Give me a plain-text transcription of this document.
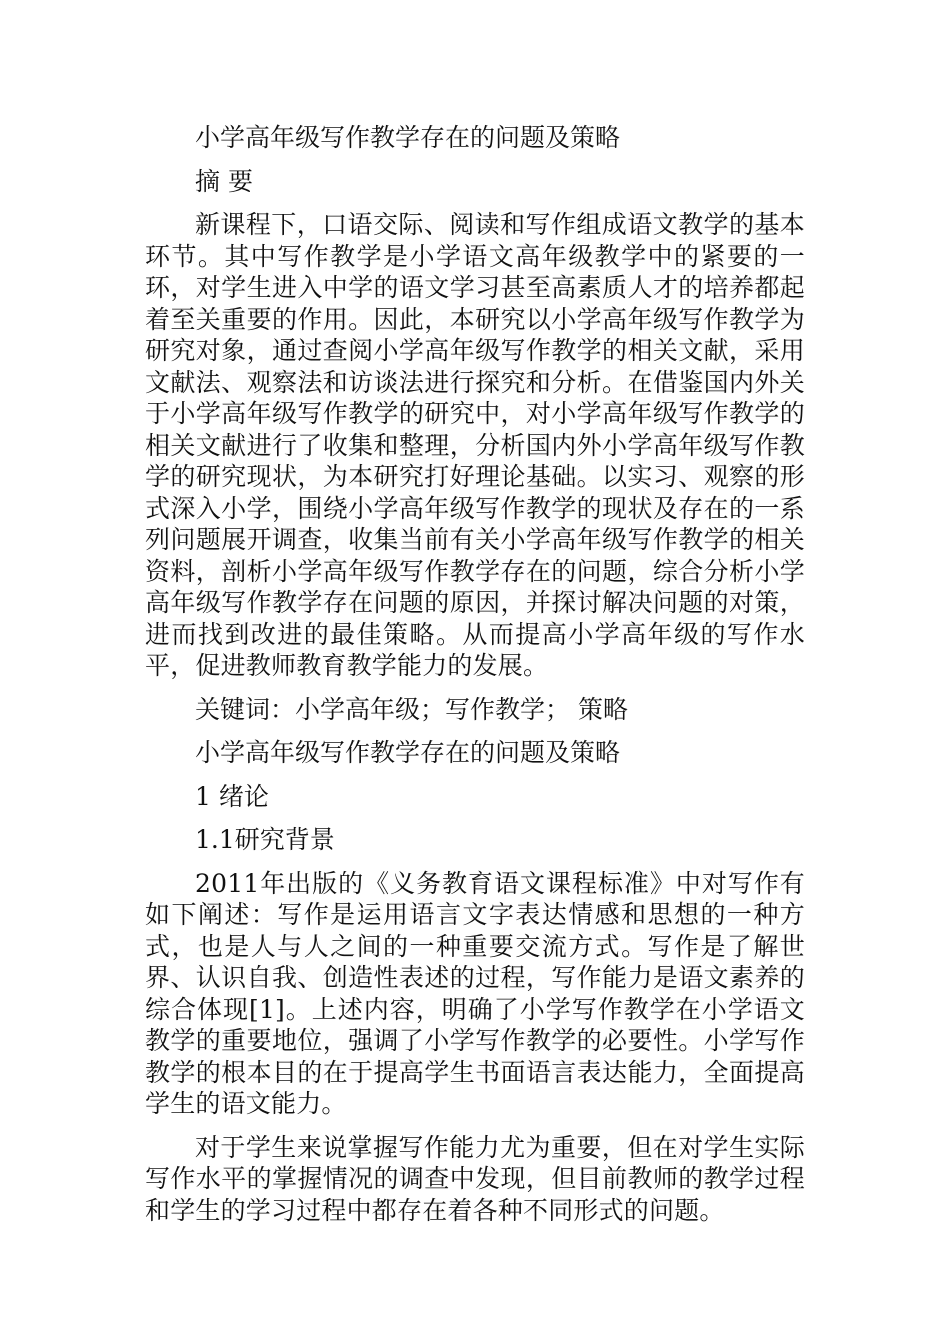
小学高年级写作教学存在的问题及策略

摘 要

新课程下，口语交际、阅读和写作组成语文教学的基本环节。其中写作教学是小学语文高年级教学中的紧要的一环，对学生进入中学的语文学习甚至高素质人才的培养都起着至关重要的作用。因此，本研究以小学高年级写作教学为研究对象，通过查阅小学高年级写作教学的相关文献，采用文献法、观察法和访谈法进行探究和分析。在借鉴国内外关于小学高年级写作教学的研究中，对小学高年级写作教学的相关文献进行了收集和整理，分析国内外小学高年级写作教学的研究现状，为本研究打好理论基础。以实习、观察的形式深入小学，围绕小学高年级写作教学的现状及存在的一系列问题展开调查，收集当前有关小学高年级写作教学的相关资料，剖析小学高年级写作教学存在的问题，综合分析小学高年级写作教学存在问题的原因，并探讨解决问题的对策，进而找到改进的最佳策略。从而提高小学高年级的写作水平，促进教师教育教学能力的发展。

关键词：小学高年级；写作教学； 策略

小学高年级写作教学存在的问题及策略

1 绪论

1.1研究背景

2011年出版的《义务教育语文课程标准》中对写作有如下阐述：写作是运用语言文字表达情感和思想的一种方式，也是人与人之间的一种重要交流方式。写作是了解世界、认识自我、创造性表述的过程，写作能力是语文素养的综合体现[1]。上述内容，明确了小学写作教学在小学语文教学的重要地位，强调了小学写作教学的必要性。小学写作教学的根本目的在于提高学生书面语言表达能力，全面提高学生的语文能力。

对于学生来说掌握写作能力尤为重要，但在对学生实际写作水平的掌握情况的调查中发现，但目前教师的教学过程和学生的学习过程中都存在着各种不同形式的问题。
